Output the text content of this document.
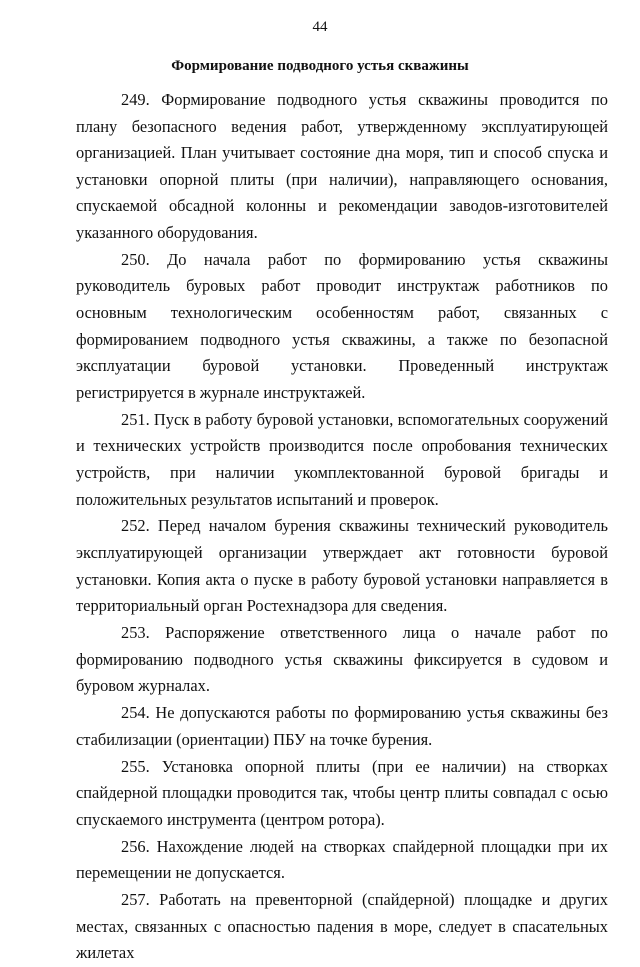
44
Формирование подводного устья скважины

249. Формирование подводного устья скважины проводится по плану безопасного ведения работ, утвержденному эксплуатирующей организацией. План учитывает состояние дна моря, тип и способ спуска и установки опорной плиты (при наличии), направляющего основания, спускаемой обсадной колонны и рекомендации заводов-изготовителей указанного оборудования.

250. До начала работ по формированию устья скважины руководитель буровых работ проводит инструктаж работников по основным технологическим особенностям работ, связанных с формированием подводного устья скважины, а также по безопасной эксплуатации буровой установки. Проведенный инструктаж регистрируется в журнале инструктажей.

251. Пуск в работу буровой установки, вспомогательных сооружений и технических устройств производится после опробования технических устройств, при наличии укомплектованной буровой бригады и положительных результатов испытаний и проверок.

252. Перед началом бурения скважины технический руководитель эксплуатирующей организации утверждает акт готовности буровой установки. Копия акта о пуске в работу буровой установки направляется в территориальный орган Ростехнадзора для сведения.

253. Распоряжение ответственного лица о начале работ по формированию подводного устья скважины фиксируется в судовом и буровом журналах.

254. Не допускаются работы по формированию устья скважины без стабилизации (ориентации) ПБУ на точке бурения.

255. Установка опорной плиты (при ее наличии) на створках спайдерной площадки проводится так, чтобы центр плиты совпадал с осью спускаемого инструмента (центром ротора).

256. Нахождение людей на створках спайдерной площадки при их перемещении не допускается.

257. Работать на превенторной (спайдерной) площадке и других местах, связанных с опасностью падения в море, следует в спасательных жилетах
